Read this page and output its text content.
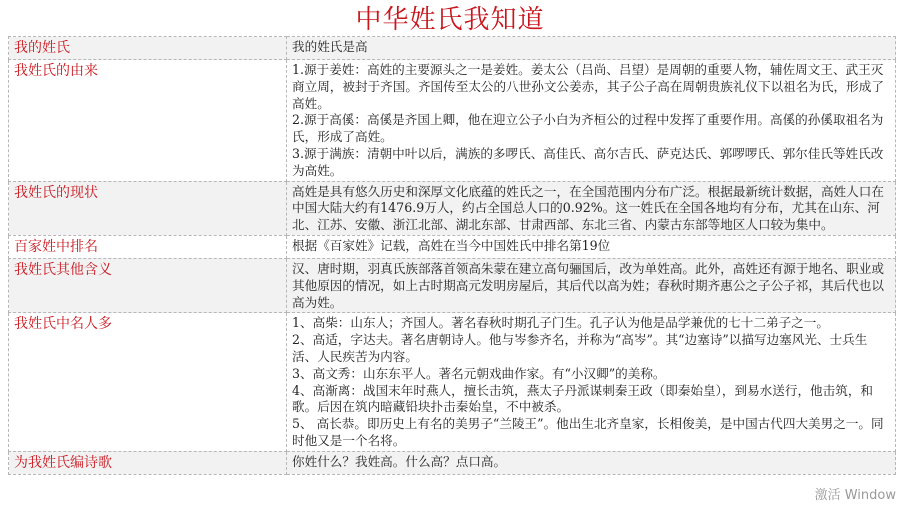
中华姓氏我知道
我的姓氏	我的姓氏是高

我姓氏的由来	1.源于姜姓：高姓的主要源头之一是姜姓。姜太公（吕尚、吕望）是周朝的重要人物，辅佐周文王、武王灭商立周，被封于齐国。齐国传至太公的八世孙文公姜赤，其子公子高在周朝贵族礼仪下以祖名为氏，形成了高姓。
2.源于高傒：高傒是齐国上卿，他在迎立公子小白为齐桓公的过程中发挥了重要作用。高傒的孙傒取祖名为氏，形成了高姓。
3.源于满族：清朝中叶以后，满族的多啰氏、高佳氏、高尔吉氏、萨克达氏、郭啰啰氏、郭尔佳氏等姓氏改为高姓。

我姓氏的现状	高姓是具有悠久历史和深厚文化底蕴的姓氏之一，在全国范围内分布广泛。根据最新统计数据，高姓人口在中国大陆大约有1476.9万人，约占全国总人口的0.92%。这一姓氏在全国各地均有分布，尤其在山东、河北、江苏、安徽、浙江北部、湖北东部、甘肃西部、东北三省、内蒙古东部等地区人口较为集中。

百家姓中排名	根据《百家姓》记载，高姓在当今中国姓氏中排名第19位

我姓氏其他含义	汉、唐时期，羽真氏族部落首领高朱蒙在建立高句骊国后，改为单姓高。此外，高姓还有源于地名、职业或其他原因的情况，如上古时期高元发明房屋后，其后代以高为姓；春秋时期齐惠公之子公子祁，其后代也以高为姓。

我姓氏中名人多	1、高柴：山东人；齐国人。著名春秋时期孔子门生。孔子认为他是品学兼优的七十二弟子之一。
2、高适，字达夫。著名唐朝诗人。他与岑参齐名，并称为“高岑”。其“边塞诗”以描写边塞风光、士兵生活、人民疾苦为内容。
3、高文秀：山东东平人。著名元朝戏曲作家。有“小汉卿”的美称。
4、高渐离：战国末年时燕人，擅长击筑，燕太子丹派谋刺秦王政（即秦始皇），到易水送行，他击筑，和歌。后因在筑内暗藏铅块扑击秦始皇，不中被杀。
5、 高长恭。即历史上有名的美男子“兰陵王”。他出生北齐皇家，长相俊美，是中国古代四大美男之一。同时他又是一个名将。

为我姓氏编诗歌	你姓什么？我姓高。什么高？点口高。
激活 Window
